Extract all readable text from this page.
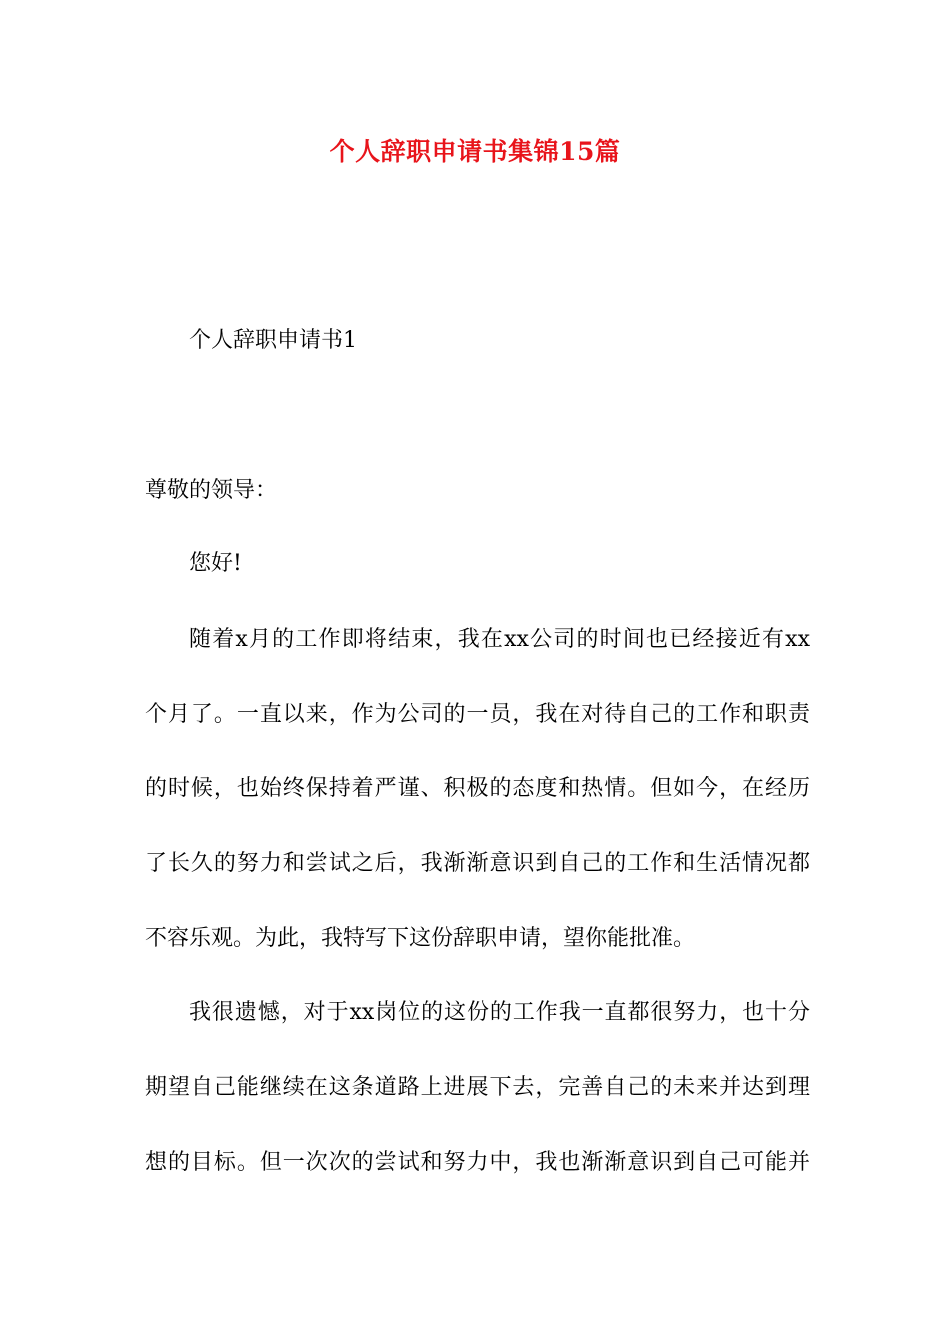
个人辞职申请书集锦15篇

个人辞职申请书1

尊敬的领导：

您好!

随着x月的工作即将结束，我在xx公司的时间也已经接近有xx

个月了。一直以来，作为公司的一员，我在对待自己的工作和职责

的时候，也始终保持着严谨、积极的态度和热情。但如今，在经历

了长久的努力和尝试之后，我渐渐意识到自己的工作和生活情况都

不容乐观。为此，我特写下这份辞职申请，望你能批准。

我很遗憾，对于xx岗位的这份的工作我一直都很努力，也十分

期望自己能继续在这条道路上进展下去，完善自己的未来并达到理

想的目标。但一次次的尝试和努力中，我也渐渐意识到自己可能并
